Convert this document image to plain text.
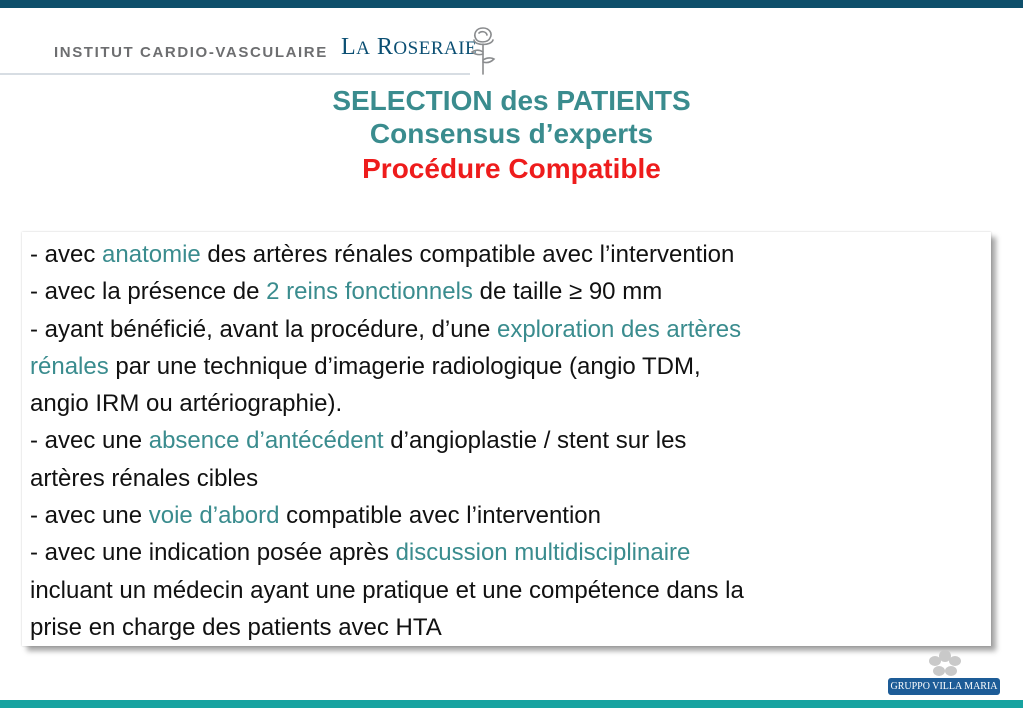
INSTITUT CARDIO-VASCULAIRE LA ROSERAIE
SELECTION des PATIENTS
Consensus d’experts
Procédure Compatible
- avec anatomie des artères rénales compatible avec l’intervention
- avec la présence de 2 reins fonctionnels de taille ≥ 90 mm
- ayant bénéficié, avant la procédure, d’une exploration des artères
rénales par une technique d’imagerie radiologique (angio TDM,
angio IRM ou artériographie).
- avec une absence d’antécédent d’angioplastie / stent sur les
artères rénales cibles
- avec une voie d’abord compatible avec l’intervention
- avec une indication posée après discussion multidisciplinaire
incluant un médecin ayant une pratique et une compétence dans la
prise en charge des patients avec HTA
GRUPPO VILLA MARIA
